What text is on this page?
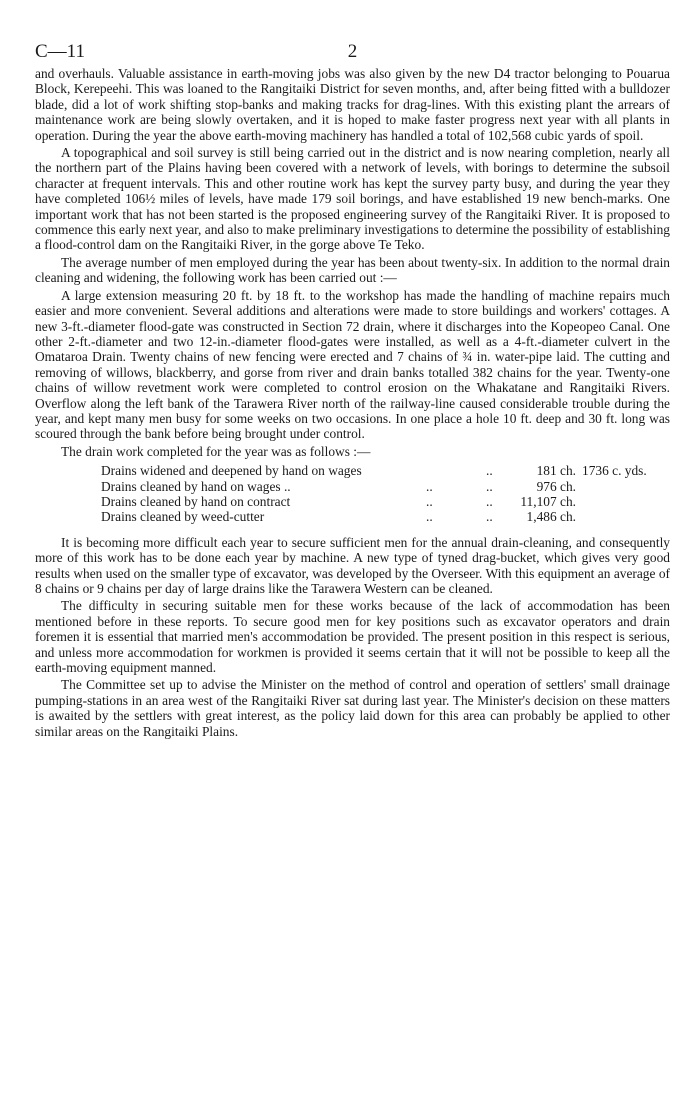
C—11	2

and overhauls. Valuable assistance in earth-moving jobs was also given by the new D4 tractor belonging to Pouarua Block, Kerepeehi. This was loaned to the Rangitaiki District for seven months, and, after being fitted with a bulldozer blade, did a lot of work shifting stop-banks and making tracks for drag-lines. With this existing plant the arrears of maintenance work are being slowly overtaken, and it is hoped to make faster progress next year with all plants in operation. During the year the above earth-moving machinery has handled a total of 102,568 cubic yards of spoil.

A topographical and soil survey is still being carried out in the district and is now nearing completion, nearly all the northern part of the Plains having been covered with a network of levels, with borings to determine the subsoil character at frequent intervals. This and other routine work has kept the survey party busy, and during the year they have completed 106½ miles of levels, have made 179 soil borings, and have established 19 new bench-marks. One important work that has not been started is the proposed engineering survey of the Rangitaiki River. It is proposed to commence this early next year, and also to make preliminary investigations to determine the possibility of establishing a flood-control dam on the Rangitaiki River, in the gorge above Te Teko.

The average number of men employed during the year has been about twenty-six. In addition to the normal drain cleaning and widening, the following work has been carried out :—

A large extension measuring 20 ft. by 18 ft. to the workshop has made the handling of machine repairs much easier and more convenient. Several additions and alterations were made to store buildings and workers' cottages. A new 3-ft.-diameter flood-gate was constructed in Section 72 drain, where it discharges into the Kopeopeo Canal. One other 2-ft.-diameter and two 12-in.-diameter flood-gates were installed, as well as a 4-ft.-diameter culvert in the Omataroa Drain. Twenty chains of new fencing were erected and 7 chains of ¾ in. water-pipe laid. The cutting and removing of willows, blackberry, and gorse from river and drain banks totalled 382 chains for the year. Twenty-one chains of willow revetment work were completed to control erosion on the Whakatane and Rangitaiki Rivers. Overflow along the left bank of the Tarawera River north of the railway-line caused considerable trouble during the year, and kept many men busy for some weeks on two occasions. In one place a hole 10 ft. deep and 30 ft. long was scoured through the bank before being brought under control.

The drain work completed for the year was as follows :—

Drains widened and deepened by hand on wages		..	181 ch.	1736 c. yds.
Drains cleaned by hand on wages ..	..	..	976 ch.	
Drains cleaned by hand on contract	..	..	11,107 ch.	
Drains cleaned by weed-cutter	..	..	1,486 ch.	

It is becoming more difficult each year to secure sufficient men for the annual drain-cleaning, and consequently more of this work has to be done each year by machine. A new type of tyned drag-bucket, which gives very good results when used on the smaller type of excavator, was developed by the Overseer. With this equipment an average of 8 chains or 9 chains per day of large drains like the Tarawera Western can be cleaned.

The difficulty in securing suitable men for these works because of the lack of accommodation has been mentioned before in these reports. To secure good men for key positions such as excavator operators and drain foremen it is essential that married men's accommodation be provided. The present position in this respect is serious, and unless more accommodation for workmen is provided it seems certain that it will not be possible to keep all the earth-moving equipment manned.

The Committee set up to advise the Minister on the method of control and operation of settlers' small drainage pumping-stations in an area west of the Rangitaiki River sat during last year. The Minister's decision on these matters is awaited by the settlers with great interest, as the policy laid down for this area can probably be applied to other similar areas on the Rangitaiki Plains.
